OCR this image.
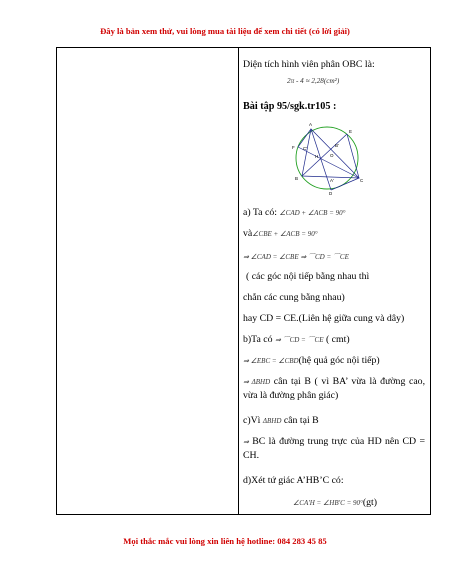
Đây là bản xem thử, vui lòng mua tài liệu để xem chi tiết (có lời giải)
Diện tích hình viên phân OBC là:
2π - 4 ≈ 2,28(cm²)
Bài tập 95/sgk.tr105 :
A
B	C
D
E
F
H	O
A'
B'
C'
a) Ta có: ∠CAD + ∠ACB = 90°
và∠CBE + ∠ACB = 90°
⇒ ∠CAD = ∠CBE ⇒ ⌒CD = ⌒CE
( các góc nội tiếp bằng nhau thì
chắn các cung bằng nhau)
hay CD = CE.(Liên hệ giữa cung và dây)
b)Ta có ⇒ ⌒CD = ⌒CE ( cmt)
⇒ ∠EBC = ∠CBD(hệ quả góc nội tiếp)
⇒ ΔBHD cân tại B ( vì BA’ vừa là đường cao, vừa là đường phân giác)
c)Vì ΔBHD cân tại B
⇒ BC là đường trung trực của HD nên CD = CH.
d)Xét tứ giác A’HB’C có:
∠CA′H = ∠HB′C = 90°(gt)
Mọi thắc mắc vui lòng xin liên hệ hotline: 084 283 45 85
